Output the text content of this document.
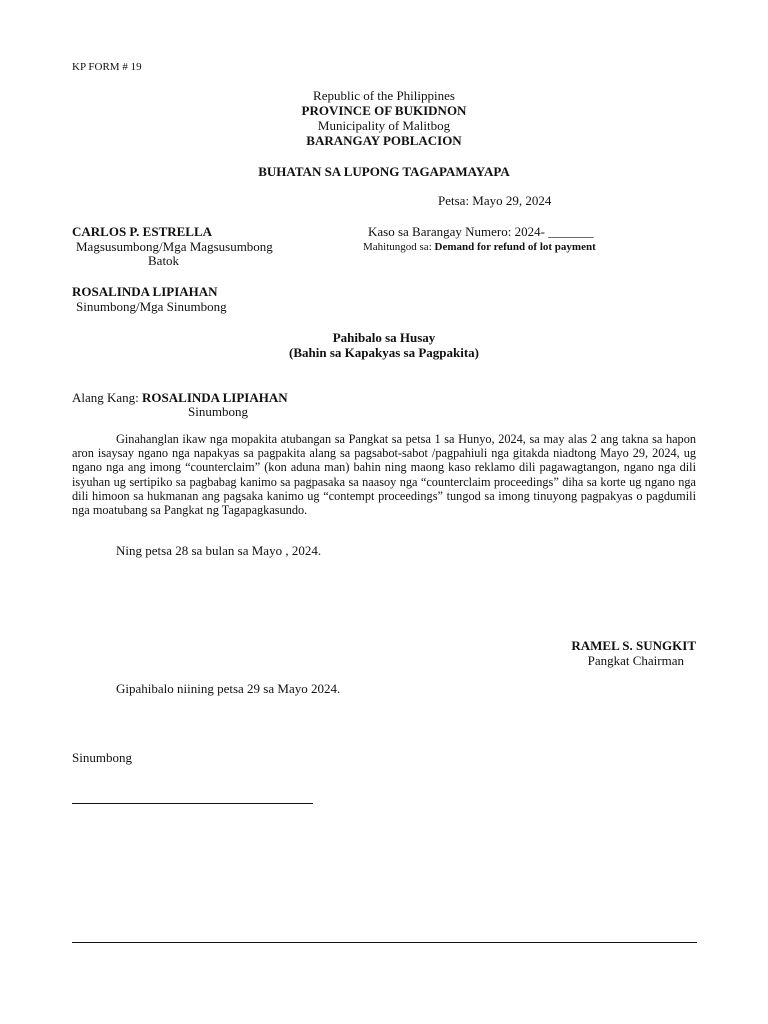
KP FORM # 19
Republic of the Philippines
PROVINCE OF BUKIDNON
Municipality of Malitbog
BARANGAY POBLACION
BUHATAN SA LUPONG TAGAPAMAYAPA
Petsa: Mayo 29, 2024
CARLOS P. ESTRELLA
Magsusumbong/Mga Magsusumbong
Batok
Kaso sa Barangay Numero: 2024- _______
Mahitungod sa: Demand for refund of lot payment
ROSALINDA LIPIAHAN
Sinumbong/Mga Sinumbong
Pahibalo sa Husay
(Bahin sa Kapakyas sa Pagpakita)
Alang Kang: ROSALINDA LIPIAHAN
Sinumbong
Ginahanglan ikaw nga mopakita atubangan sa Pangkat sa petsa 1 sa Hunyo, 2024, sa may alas 2 ang takna sa hapon aron isaysay ngano nga napakyas sa pagpakita alang sa pagsabot-sabot /pagpahiuli nga gitakda niadtong Mayo 29, 2024, ug ngano nga ang imong “counterclaim” (kon aduna man) bahin ning maong kaso reklamo dili pagawagtangon, ngano nga dili isyuhan ug sertipiko sa pagbabag kanimo sa pagpasaka sa naasoy nga “counterclaim proceedings” diha sa korte ug ngano nga dili himoon sa hukmanan ang pagsaka kanimo ug “contempt proceedings” tungod sa imong tinuyong pagpakyas o pagdumili nga moatubang sa Pangkat ng Tagapagkasundo.
Ning petsa 28 sa bulan sa Mayo , 2024.
RAMEL S. SUNGKIT
Pangkat Chairman
Gipahibalo niining petsa 29 sa Mayo 2024.
Sinumbong
